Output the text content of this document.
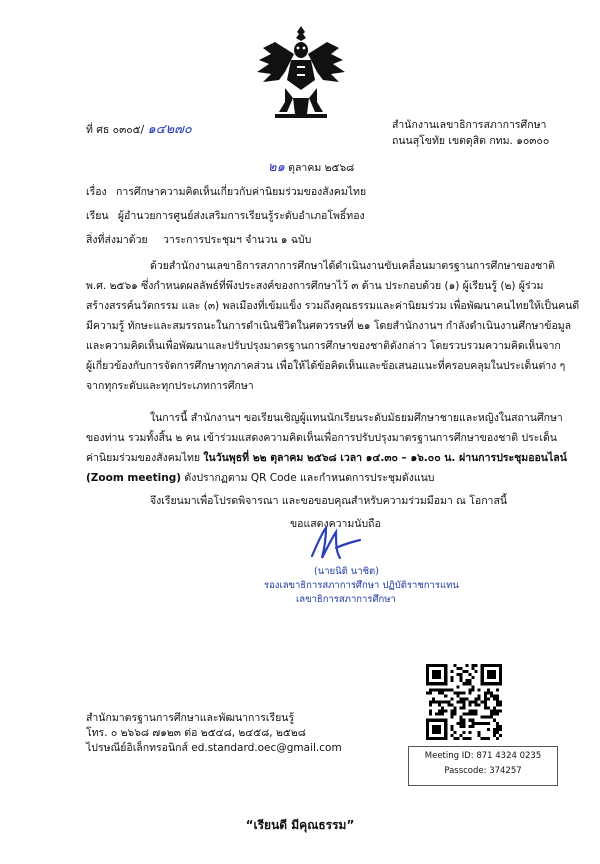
ที่ ศธ ๐๓๐๕/ ๑๔๒๗๐	สำนักงานเลขาธิการสภาการศึกษา
ถนนสุโขทัย เขตดุสิต กทม. ๑๐๓๐๐
๒๑ ตุลาคม ๒๕๖๘
เรื่อง การศึกษาความคิดเห็นเกี่ยวกับค่านิยมร่วมของสังคมไทย
เรียน ผู้อำนวยการศูนย์ส่งเสริมการเรียนรู้ระดับอำเภอโพธิ์ทอง
สิ่งที่ส่งมาด้วย วาระการประชุมฯ จำนวน ๑ ฉบับ
ด้วยสำนักงานเลขาธิการสภาการศึกษาได้ดำเนินงานขับเคลื่อนมาตรฐานการศึกษาของชาติ
พ.ศ. ๒๕๖๑ ซึ่งกำหนดผลลัพธ์ที่พึงประสงค์ของการศึกษาไว้ ๓ ด้าน ประกอบด้วย (๑) ผู้เรียนรู้ (๒) ผู้ร่วม
สร้างสรรค์นวัตกรรม และ (๓) พลเมืองที่เข้มแข็ง รวมถึงคุณธรรมและค่านิยมร่วม เพื่อพัฒนาคนไทยให้เป็นคนดี
มีความรู้ ทักษะและสมรรถนะในการดำเนินชีวิตในศตวรรษที่ ๒๑ โดยสำนักงานฯ กำลังดำเนินงานศึกษาข้อมูล
และความคิดเห็นเพื่อพัฒนาและปรับปรุงมาตรฐานการศึกษาของชาติดังกล่าว โดยรวบรวมความคิดเห็นจาก
ผู้เกี่ยวข้องกับการจัดการศึกษาทุกภาคส่วน เพื่อให้ได้ข้อคิดเห็นและข้อเสนอแนะที่ครอบคลุมในประเด็นต่าง ๆ
จากทุกระดับและทุกประเภทการศึกษา
ในการนี้ สำนักงานฯ ขอเรียนเชิญผู้แทนนักเรียนระดับมัธยมศึกษาชายและหญิงในสถานศึกษา
ของท่าน รวมทั้งสิ้น ๒ คน เข้าร่วมแสดงความคิดเห็นเพื่อการปรับปรุงมาตรฐานการศึกษาของชาติ ประเด็น
ค่านิยมร่วมของสังคมไทย ในวันพุธที่ ๒๒ ตุลาคม ๒๕๖๘ เวลา ๑๔.๓๐ – ๑๖.๐๐ น. ผ่านการประชุมออนไลน์
(Zoom meeting) ดังปรากฏตาม QR Code และกำหนดการประชุมดังแนบ
จึงเรียนมาเพื่อโปรดพิจารณา และขอขอบคุณสำหรับความร่วมมือมา ณ โอกาสนี้
ขอแสดงความนับถือ
(นายนิติ นาชิต)
รองเลขาธิการสภาการศึกษา ปฏิบัติราชการแทน
เลขาธิการสภาการศึกษา
Meeting ID: 871 4324 0235
Passcode: 374257
สำนักมาตรฐานการศึกษาและพัฒนาการเรียนรู้
โทร. ๐ ๒๖๖๘ ๗๑๒๓ ต่อ ๒๕๔๘, ๒๔๕๘, ๒๕๒๘
ไปรษณีย์อิเล็กทรอนิกส์ ed.standard.oec@gmail.com
“เรียนดี มีคุณธรรม”
